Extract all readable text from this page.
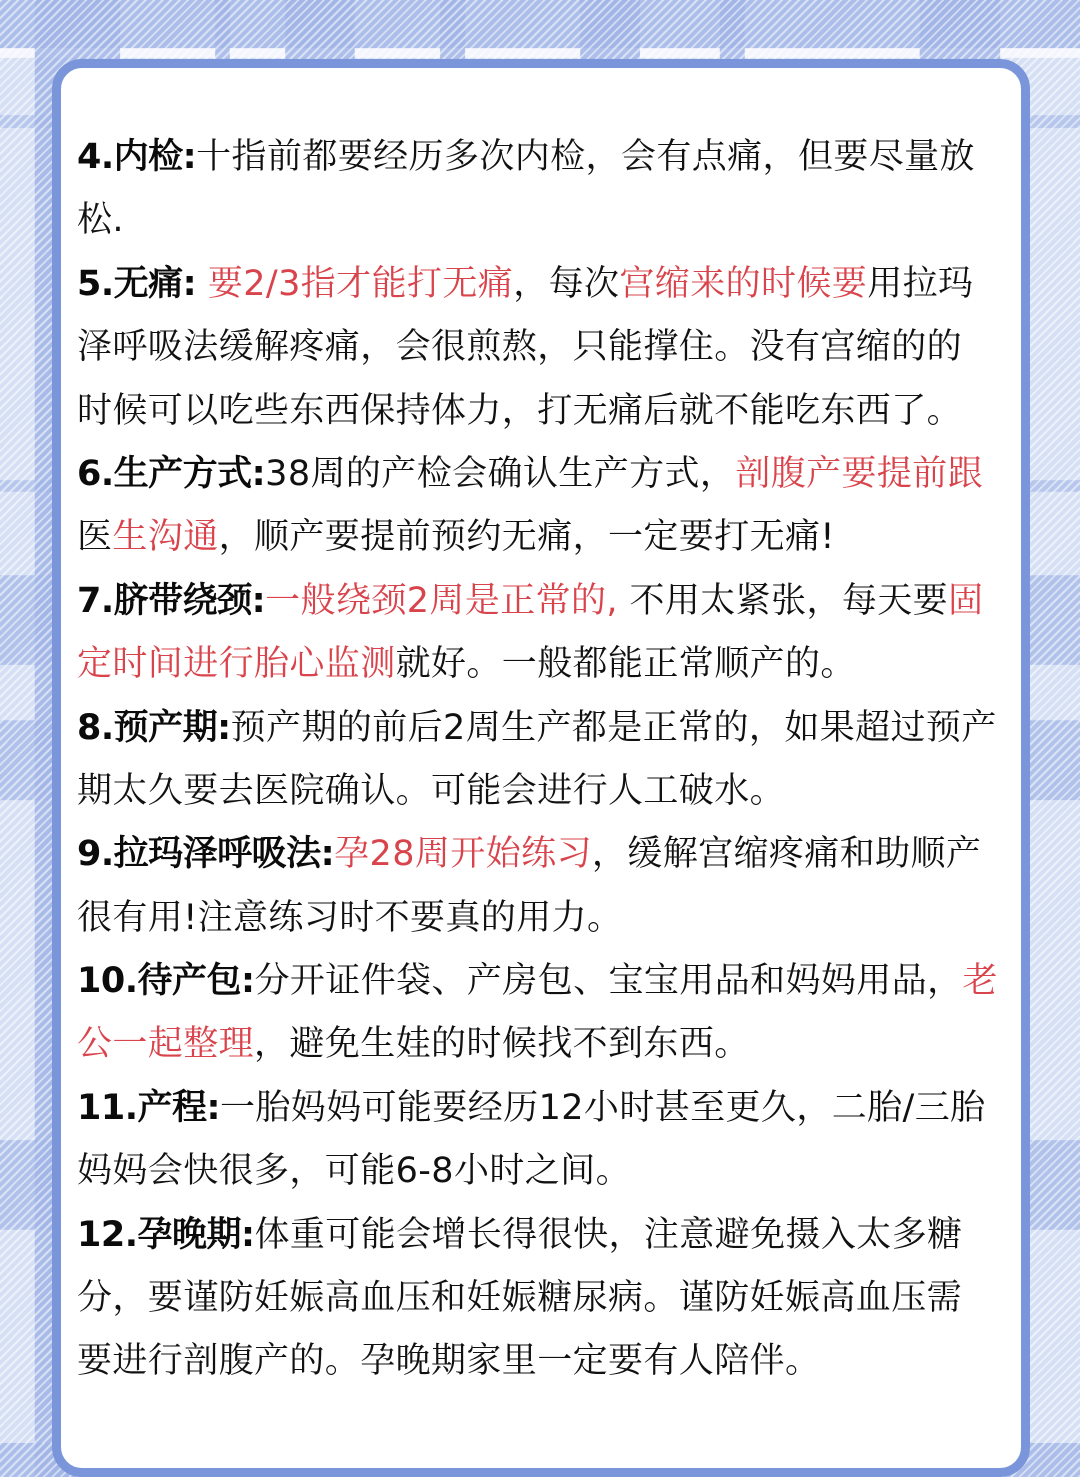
4.内检:十指前都要经历多次内检，会有点痛，但要尽量放
松.
5.无痛: 要2/3指才能打无痛，每次宫缩来的时候要用拉玛
泽呼吸法缓解疼痛，会很煎熬，只能撑住。没有宫缩的的
时候可以吃些东西保持体力，打无痛后就不能吃东西了。
6.生产方式:38周的产检会确认生产方式，剖腹产要提前跟
医生沟通，顺产要提前预约无痛，一定要打无痛!
7.脐带绕颈:一般绕颈2周是正常的, 不用太紧张，每天要固
定时间进行胎心监测就好。一般都能正常顺产的。
8.预产期:预产期的前后2周生产都是正常的，如果超过预产
期太久要去医院确认。可能会进行人工破水。
9.拉玛泽呼吸法:孕28周开始练习，缓解宫缩疼痛和助顺产
很有用!注意练习时不要真的用力。
10.待产包:分开证件袋、产房包、宝宝用品和妈妈用品，老
公一起整理，避免生娃的时候找不到东西。
11.产程:一胎妈妈可能要经历12小时甚至更久，二胎/三胎
妈妈会快很多，可能6-8小时之间。
12.孕晚期:体重可能会增长得很快，注意避免摄入太多糖
分，要谨防妊娠高血压和妊娠糖尿病。谨防妊娠高血压需
要进行剖腹产的。孕晚期家里一定要有人陪伴。
